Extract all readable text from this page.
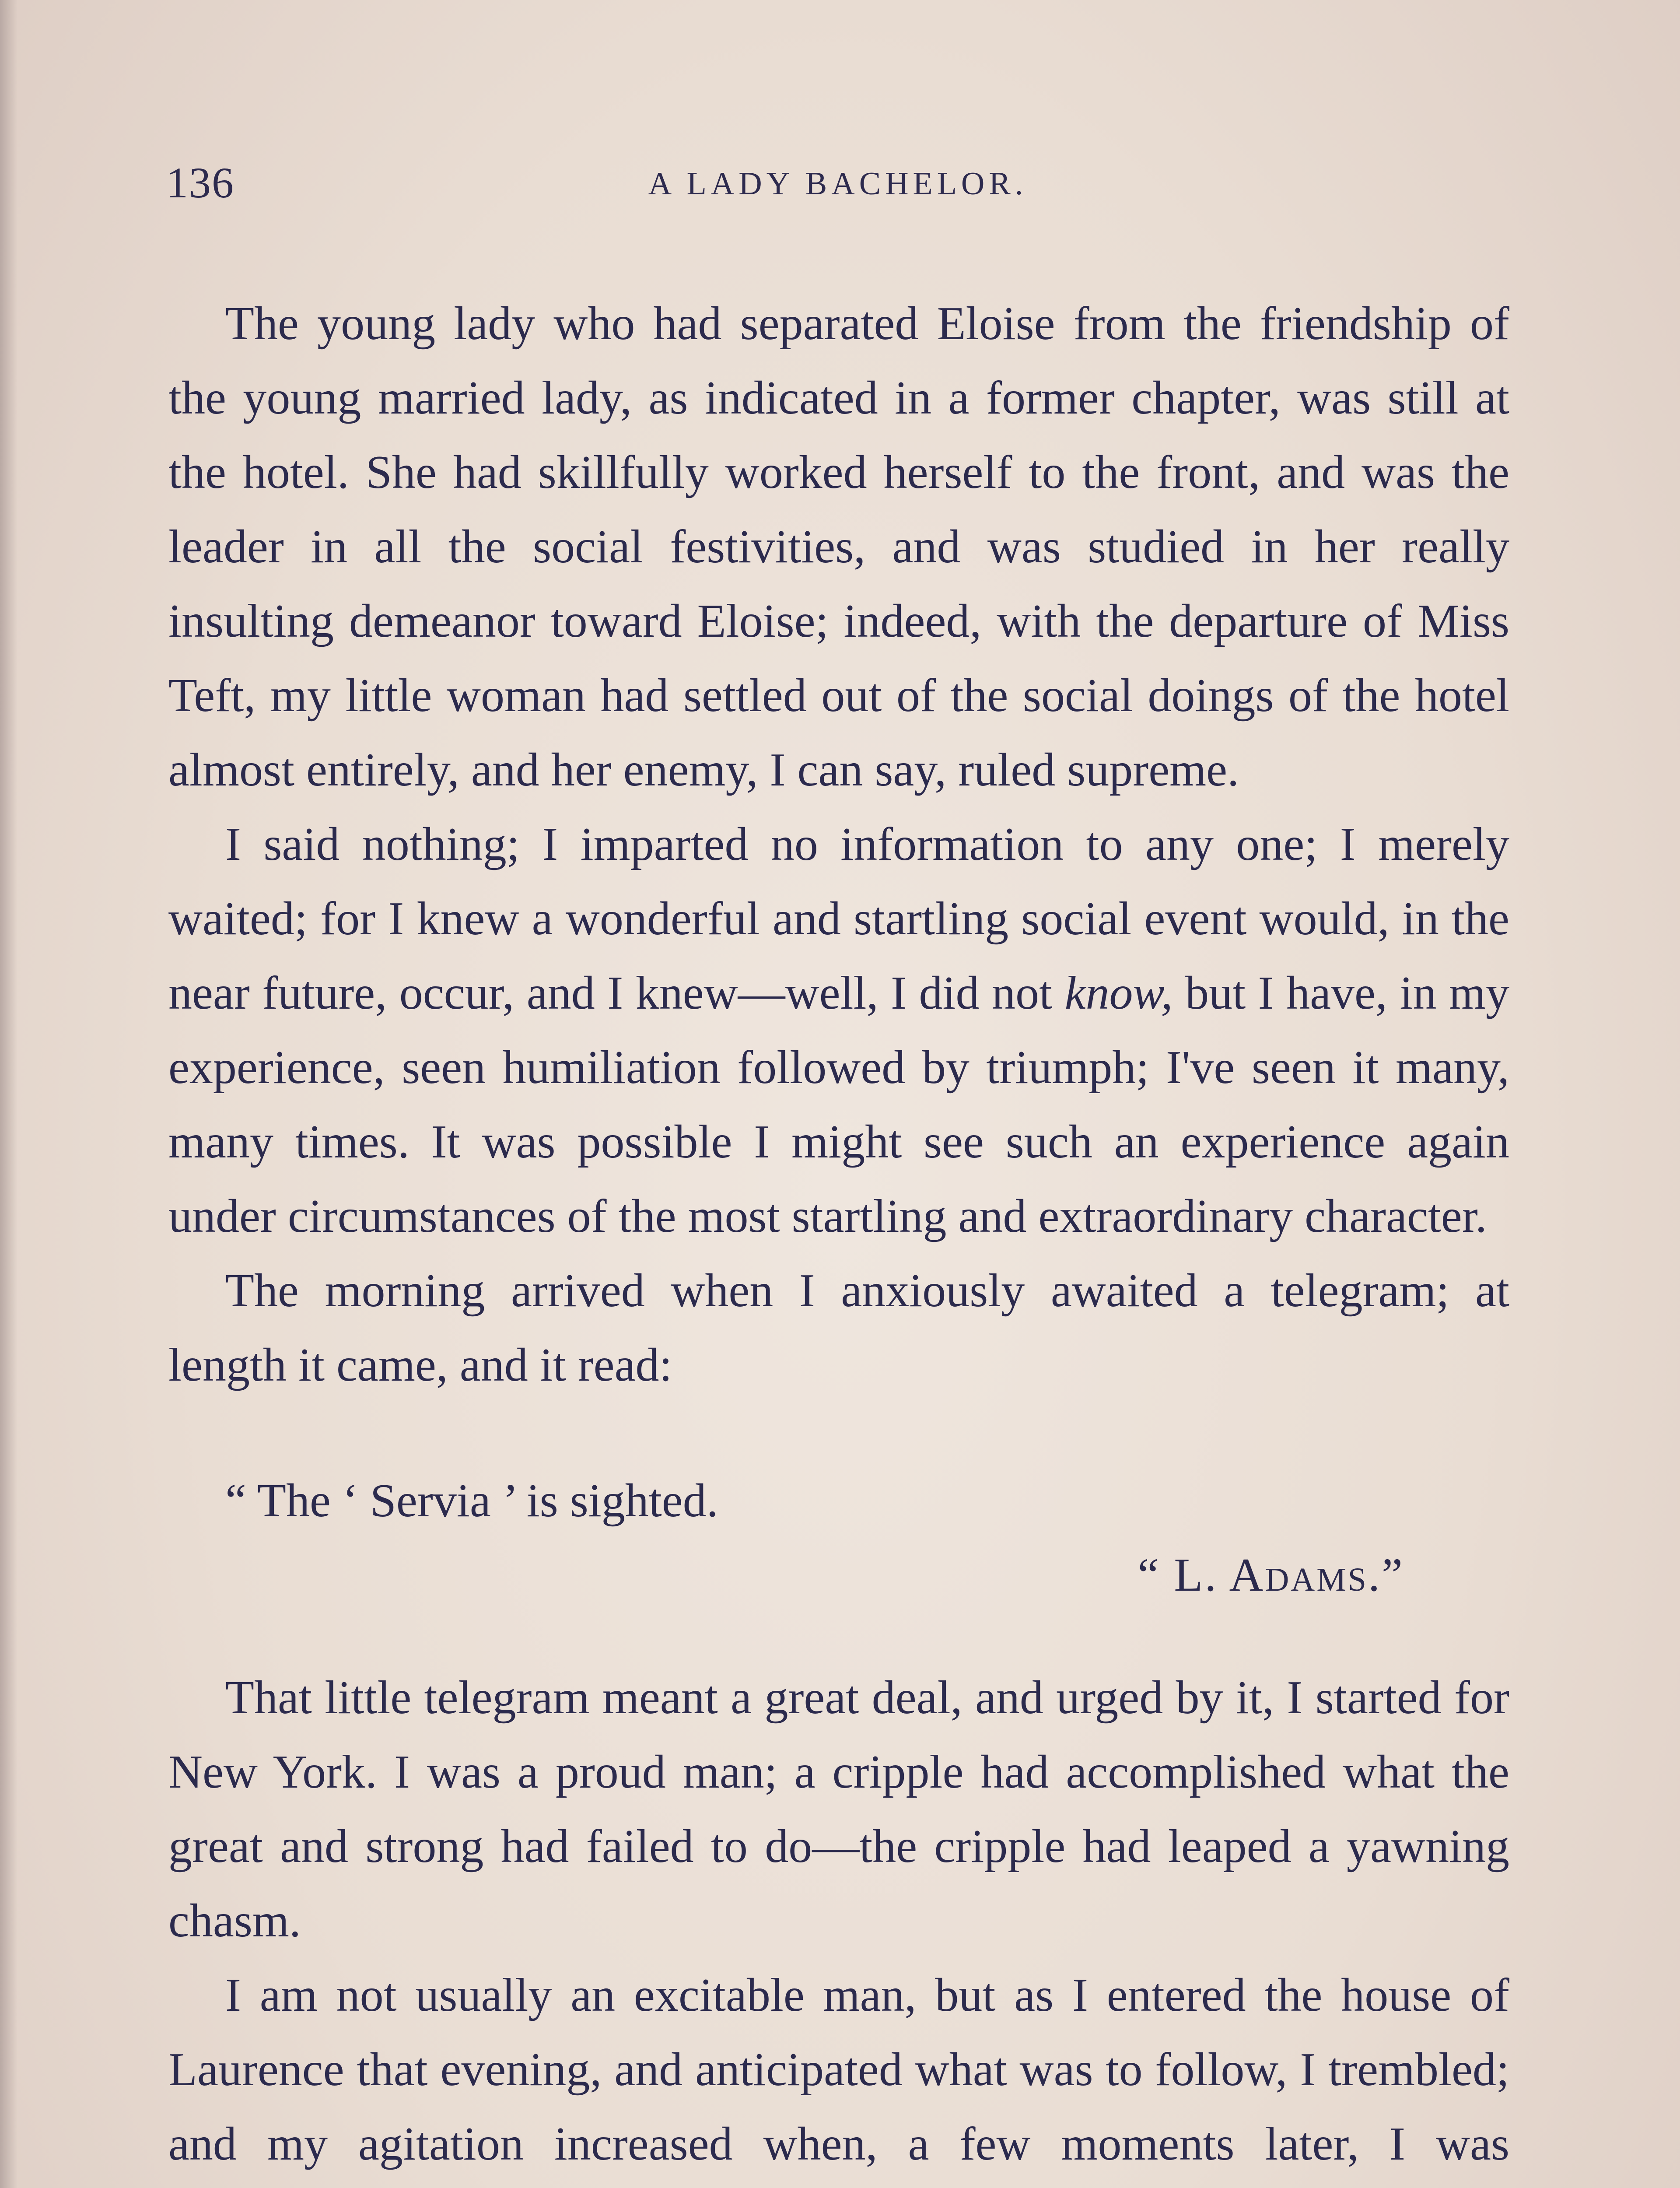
136	A LADY BACHELOR.

The young lady who had separated Eloise from the friendship of the young married lady, as indicated in a former chapter, was still at the hotel. She had skillfully worked herself to the front, and was the leader in all the social festivities, and was studied in her really insulting demeanor toward Eloise; indeed, with the departure of Miss Teft, my little woman had settled out of the social doings of the hotel almost entirely, and her enemy, I can say, ruled supreme.

I said nothing; I imparted no information to any one; I merely waited; for I knew a wonderful and startling social event would, in the near future, occur, and I knew—well, I did not know, but I have, in my experience, seen humiliation followed by triumph; I've seen it many, many times. It was possible I might see such an experience again under circumstances of the most startling and extraordinary character.

The morning arrived when I anxiously awaited a telegram; at length it came, and it read:

“ The ‘ Servia ’ is sighted.
“ L. Adams.”

That little telegram meant a great deal, and urged by it, I started for New York. I was a proud man; a cripple had accomplished what the great and strong had failed to do—the cripple had leaped a yawning chasm.

I am not usually an excitable man, but as I entered the house of Laurence that evening, and anticipated what was to follow, I trembled; and my agitation increased when, a few moments later, I was
